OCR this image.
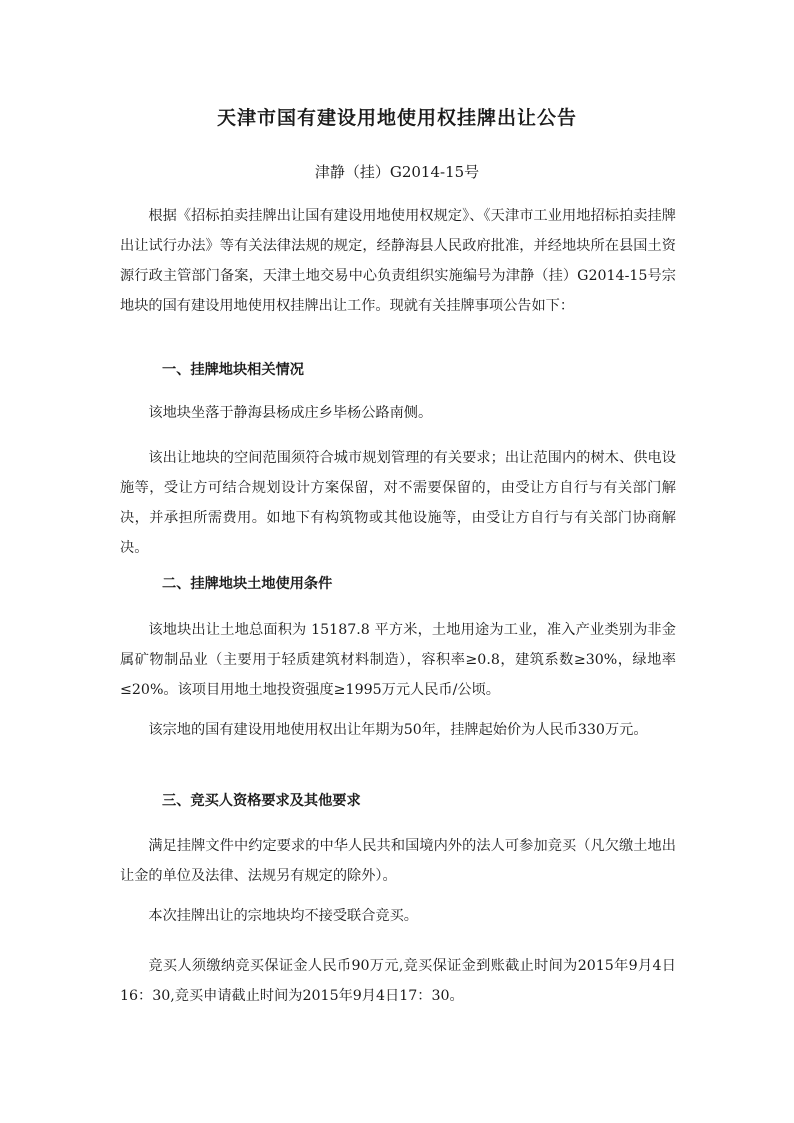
天津市国有建设用地使用权挂牌出让公告
津静（挂）G2014-15号

根据《招标拍卖挂牌出让国有建设用地使用权规定》、《天津市工业用地招标拍卖挂牌出让试行办法》等有关法律法规的规定，经静海县人民政府批准，并经地块所在县国土资源行政主管部门备案，天津土地交易中心负责组织实施编号为津静（挂）G2014-15号宗地块的国有建设用地使用权挂牌出让工作。现就有关挂牌事项公告如下：

一、挂牌地块相关情况

该地块坐落于静海县杨成庄乡毕杨公路南侧。

该出让地块的空间范围须符合城市规划管理的有关要求；出让范围内的树木、供电设施等，受让方可结合规划设计方案保留，对不需要保留的，由受让方自行与有关部门解决，并承担所需费用。如地下有构筑物或其他设施等，由受让方自行与有关部门协商解决。

二、挂牌地块土地使用条件

该地块出让土地总面积为 15187.8 平方米，土地用途为工业，准入产业类别为非金属矿物制品业（主要用于轻质建筑材料制造），容积率≥0.8，建筑系数≥30%，绿地率≤20%。该项目用地土地投资强度≥1995万元人民币/公顷。

该宗地的国有建设用地使用权出让年期为50年，挂牌起始价为人民币330万元。

三、竞买人资格要求及其他要求

满足挂牌文件中约定要求的中华人民共和国境内外的法人可参加竞买（凡欠缴土地出让金的单位及法律、法规另有规定的除外）。

本次挂牌出让的宗地块均不接受联合竞买。

竞买人须缴纳竞买保证金人民币90万元,竞买保证金到账截止时间为2015年9月4日16：30,竞买申请截止时间为2015年9月4日17：30。
